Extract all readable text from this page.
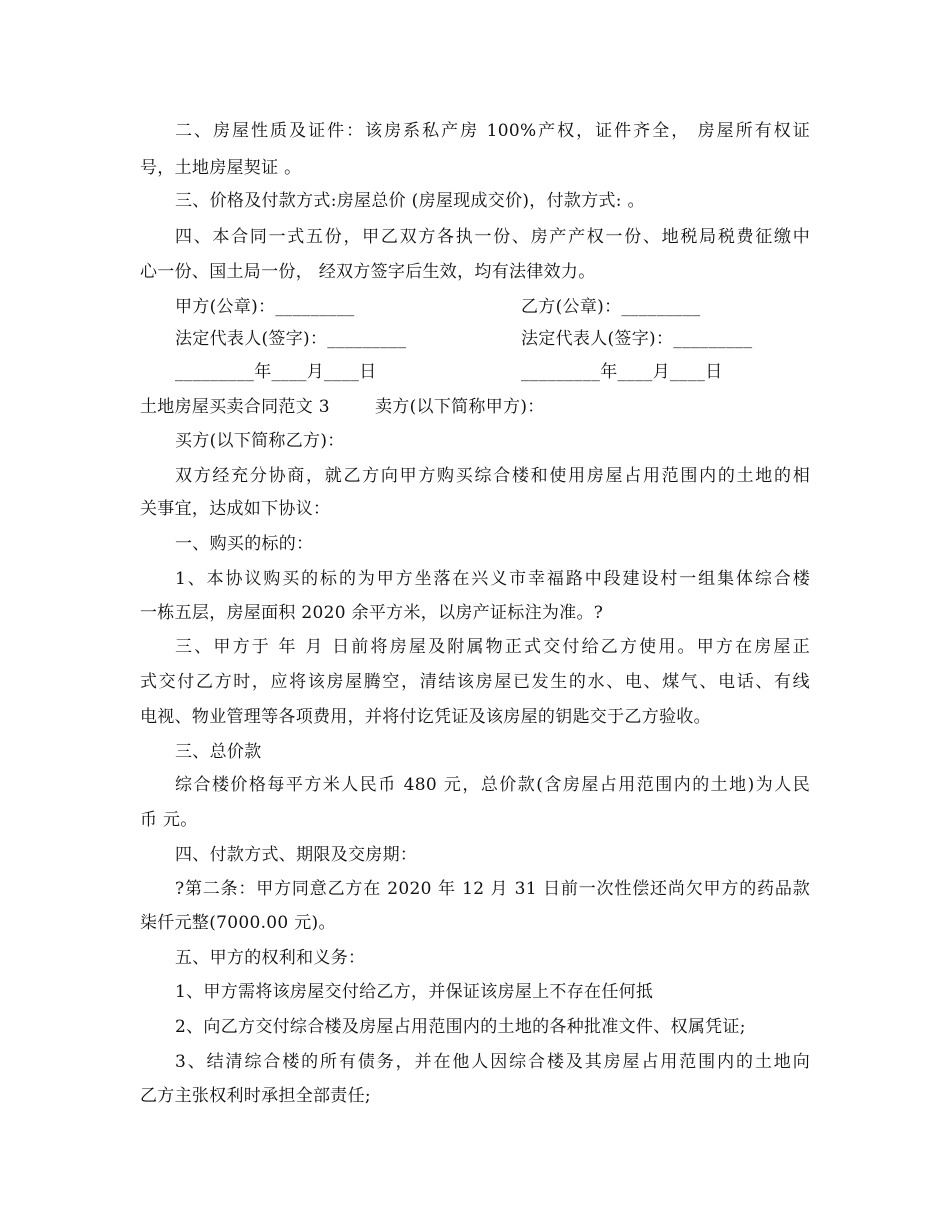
二、房屋性质及证件：该房系私产房 100%产权，证件齐全， 房屋所有权证
号，土地房屋契证 。
三、价格及付款方式:房屋总价 (房屋现成交价)，付款方式: 。
四、本合同一式五份，甲乙双方各执一份、房产产权一份、地税局税费征缴中
心一份、国土局一份， 经双方签字后生效，均有法律效力。
甲方(公章)：_________	乙方(公章)：_________
法定代表人(签字)：_________	法定代表人(签字)：_________
_________年____月____日	_________年____月____日
土地房屋买卖合同范文 3	卖方(以下简称甲方)：
买方(以下简称乙方)：
双方经充分协商，就乙方向甲方购买综合楼和使用房屋占用范围内的土地的相
关事宜，达成如下协议：
一、购买的标的：
1、本协议购买的标的为甲方坐落在兴义市幸福路中段建设村一组集体综合楼
一栋五层，房屋面积 2020 余平方米，以房产证标注为准。?
三、甲方于 年 月 日前将房屋及附属物正式交付给乙方使用。甲方在房屋正
式交付乙方时，应将该房屋腾空，清结该房屋已发生的水、电、煤气、电话、有线
电视、物业管理等各项费用，并将付讫凭证及该房屋的钥匙交于乙方验收。
三、总价款
综合楼价格每平方米人民币 480 元，总价款(含房屋占用范围内的土地)为人民
币 元。
四、付款方式、期限及交房期：
?第二条：甲方同意乙方在 2020 年 12 月 31 日前一次性偿还尚欠甲方的药品款
柒仟元整(7000.00 元)。
五、甲方的权利和义务：
1、甲方需将该房屋交付给乙方，并保证该房屋上不存在任何抵
2、向乙方交付综合楼及房屋占用范围内的土地的各种批准文件、权属凭证;
3、结清综合楼的所有债务，并在他人因综合楼及其房屋占用范围内的土地向
乙方主张权利时承担全部责任;
